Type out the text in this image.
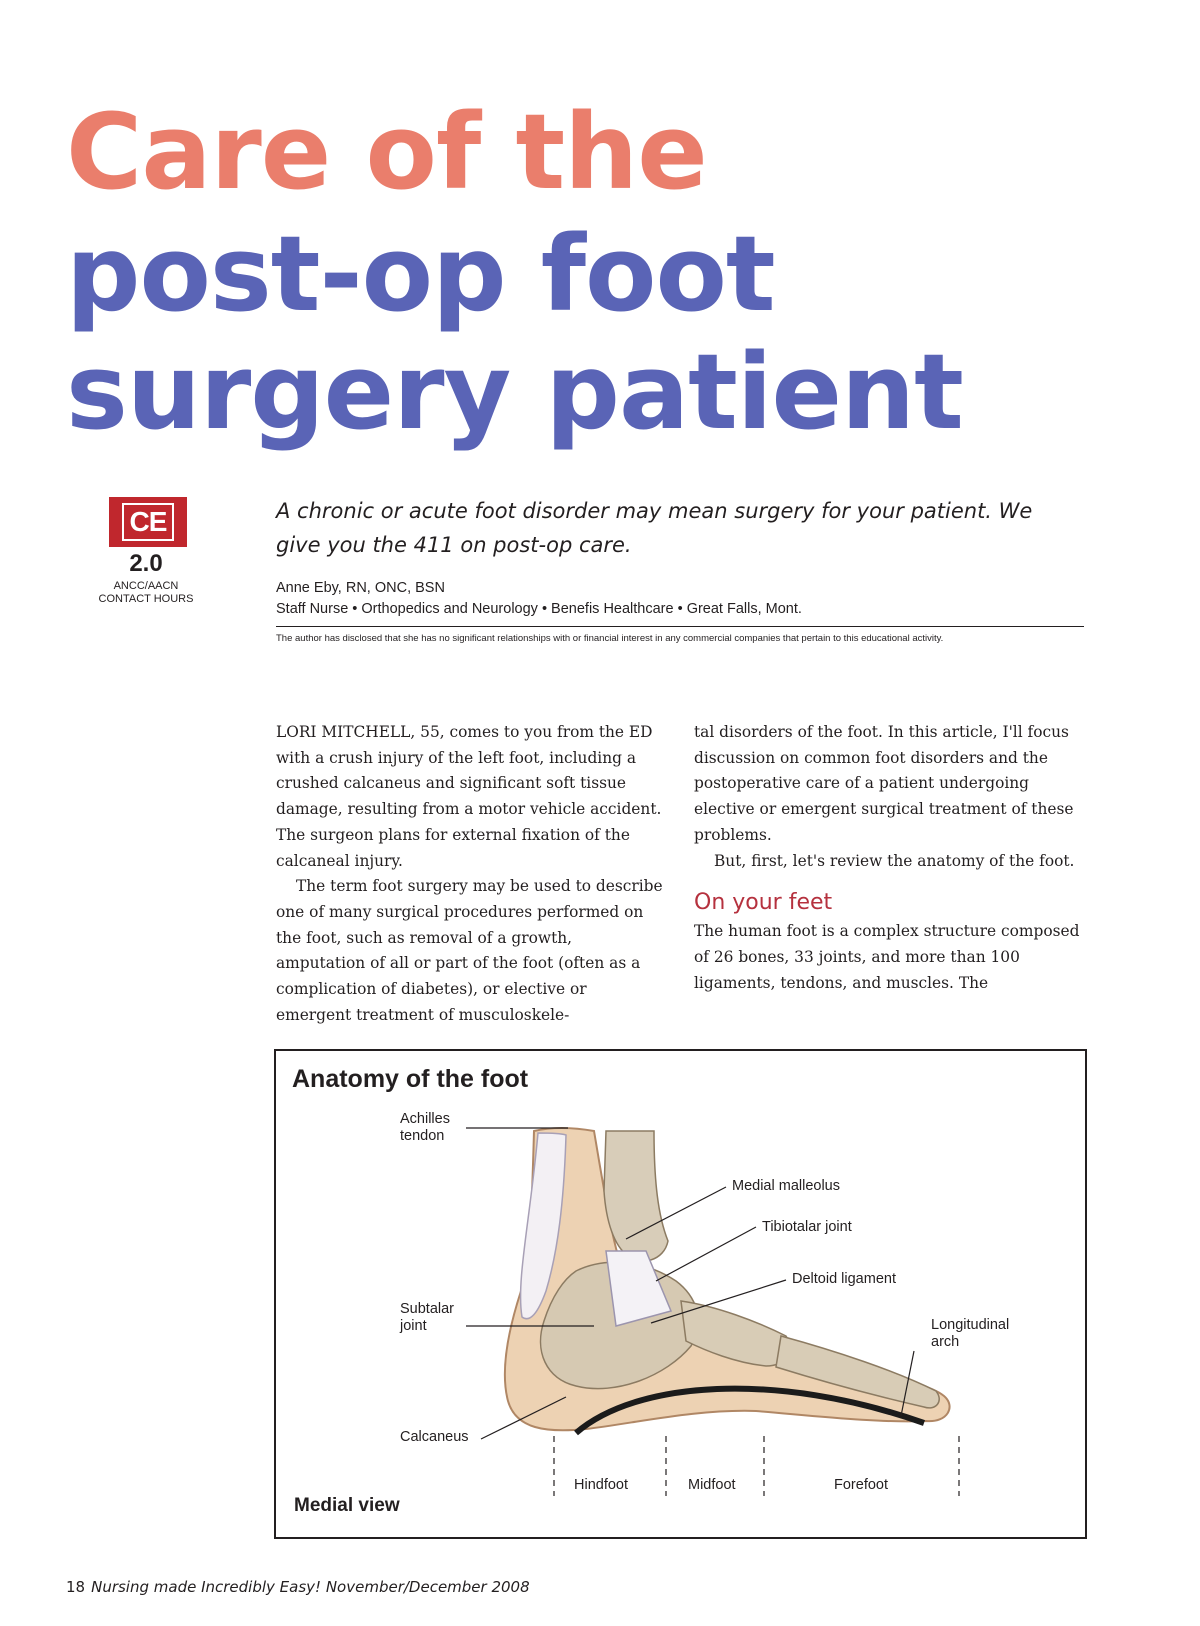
Care of the
post-op foot
surgery patient
CE
2.0
ANCC/AACN
CONTACT HOURS
A chronic or acute foot disorder may mean surgery for your patient. We give you the 411 on post-op care.
Anne Eby, RN, ONC, BSN
Staff Nurse • Orthopedics and Neurology • Benefis Healthcare • Great Falls, Mont.
The author has disclosed that she has no significant relationships with or financial interest in any commercial companies that pertain to this educational activity.

LORI MITCHELL, 55, comes to you from the ED with a crush injury of the left foot, including a crushed calcaneus and significant soft tissue damage, resulting from a motor vehicle accident. The surgeon plans for external fixation of the calcaneal injury.

The term foot surgery may be used to describe one of many surgical procedures performed on the foot, such as removal of a growth, amputation of all or part of the foot (often as a complication of diabetes), or elective or emergent treatment of musculoskele-

tal disorders of the foot. In this article, I'll focus discussion on common foot disorders and the postoperative care of a patient undergoing elective or emergent surgical treatment of these problems.

But, first, let's review the anatomy of the foot.

On your feet

The human foot is a complex structure composed of 26 bones, 33 joints, and more than 100 ligaments, tendons, and muscles. The

Anatomy of the foot
Achilles
tendon
Medial malleolus
Tibiotalar joint
Deltoid ligament
Subtalar
joint	Longitudinal
arch
Calcaneus
Hindfoot	Midfoot	Forefoot
Medial view
18 Nursing made Incredibly Easy! November/December 2008
